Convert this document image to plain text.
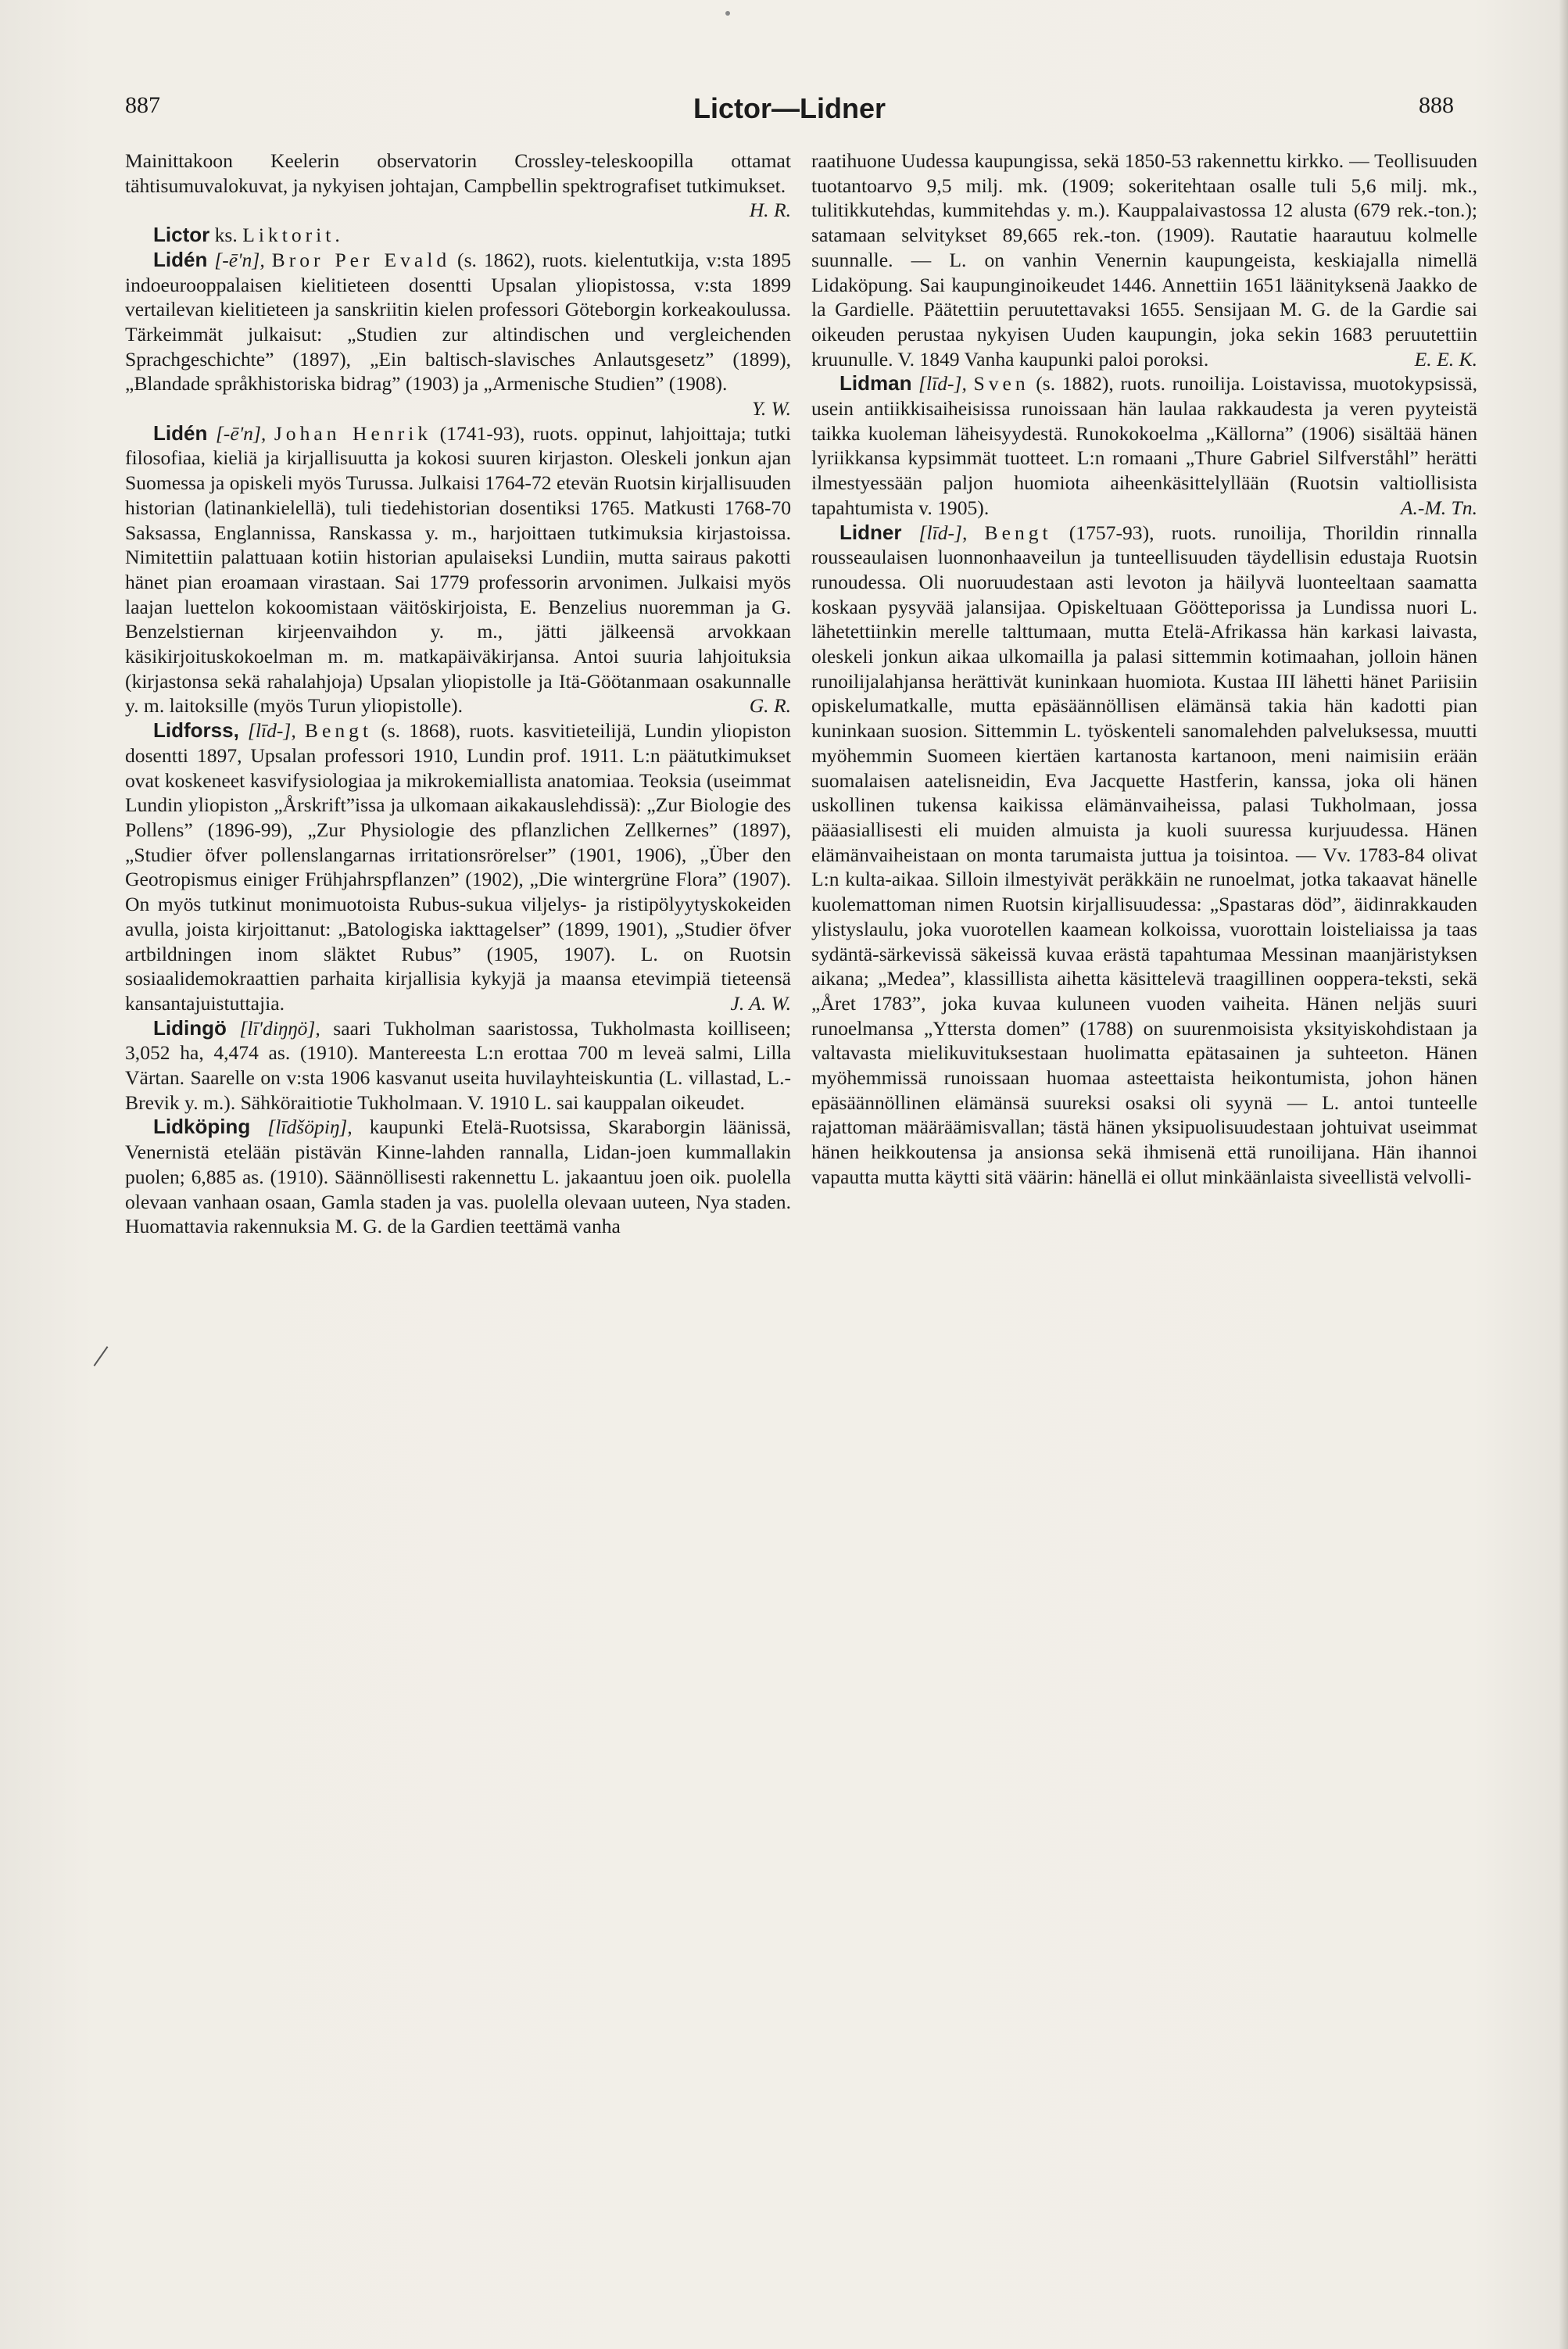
887	Lictor—Lidner	888

Mainittakoon Keelerin observatorin Crossley-teleskoopilla ottamat tähtisumuvalokuvat, ja nykyisen johtajan, Campbellin spektrografiset tutkimukset.
H. R.

Lictor ks. Liktorit.

Lidén [-ē'n], Bror Per Evald (s. 1862), ruots. kielentutkija, v:sta 1895 indoeurooppalaisen kielitieteen dosentti Upsalan yliopistossa, v:sta 1899 vertailevan kielitieteen ja sanskriitin kielen professori Göteborgin korkeakoulussa. Tärkeimmät julkaisut: „Studien zur altindischen und vergleichenden Sprachgeschichte” (1897), „Ein baltisch-slavisches Anlautsgesetz” (1899), „Blandade språkhistoriska bidrag” (1903) ja „Armenische Studien” (1908).
Y. W.

Lidén [-ē'n], Johan Henrik (1741-93), ruots. oppinut, lahjoittaja; tutki filosofiaa, kieliä ja kirjallisuutta ja kokosi suuren kirjaston. Oleskeli jonkun ajan Suomessa ja opiskeli myös Turussa. Julkaisi 1764-72 etevän Ruotsin kirjallisuuden historian (latinankielellä), tuli tiedehistorian dosentiksi 1765. Matkusti 1768-70 Saksassa, Englannissa, Ranskassa y. m., harjoittaen tutkimuksia kirjastoissa. Nimitettiin palattuaan kotiin historian apulaiseksi Lundiin, mutta sairaus pakotti hänet pian eroamaan virastaan. Sai 1779 professorin arvonimen. Julkaisi myös laajan luettelon kokoomistaan väitöskirjoista, E. Benzelius nuoremman ja G. Benzelstiernan kirjeenvaihdon y. m., jätti jälkeensä arvokkaan käsikirjoituskokoelman m. m. matkapäiväkirjansa. Antoi suuria lahjoituksia (kirjastonsa sekä rahalahjoja) Upsalan yliopistolle ja Itä-Göötanmaan osakunnalle y. m. laitoksille (myös Turun yliopistolle).	G. R.

Lidforss, [līd-], Bengt (s. 1868), ruots. kasvitieteilijä, Lundin yliopiston dosentti 1897, Upsalan professori 1910, Lundin prof. 1911. L:n päätutkimukset ovat koskeneet kasvifysiologiaa ja mikrokemiallista anatomiaa. Teoksia (useimmat Lundin yliopiston „Årskrift”issa ja ulkomaan aikakauslehdissä): „Zur Biologie des Pollens” (1896-99), „Zur Physiologie des pflanzlichen Zellkernes” (1897), „Studier öfver pollenslangarnas irritationsrörelser” (1901, 1906), „Über den Geotropismus einiger Frühjahrspflanzen” (1902), „Die wintergrüne Flora” (1907). On myös tutkinut monimuotoista Rubus-sukua viljelys- ja ristipölyytyskokeiden avulla, joista kirjoittanut: „Batologiska iakttagelser” (1899, 1901), „Studier öfver artbildningen inom släktet Rubus” (1905, 1907). L. on Ruotsin sosiaalidemokraattien parhaita kirjallisia kykyjä ja maansa etevimpiä tieteensä kansantajuistuttajia.	J. A. W.

Lidingö [lī'diŋŋö], saari Tukholman saaristossa, Tukholmasta koilliseen; 3,052 ha, 4,474 as. (1910). Mantereesta L:n erottaa 700 m leveä salmi, Lilla Värtan. Saarelle on v:sta 1906 kasvanut useita huvilayhteiskuntia (L. villastad, L.-Brevik y. m.). Sähköraitiotie Tukholmaan. V. 1910 L. sai kauppalan oikeudet.

Lidköping [līdšöpiŋ], kaupunki Etelä-Ruotsissa, Skaraborgin läänissä, Venernistä etelään pistävän Kinne-lahden rannalla, Lidan-joen kummallakin puolen; 6,885 as. (1910). Säännöllisesti rakennettu L. jakaantuu joen oik. puolella olevaan vanhaan osaan, Gamla staden ja vas. puolella olevaan uuteen, Nya staden. Huomattavia rakennuksia M. G. de la Gardien teettämä vanha

raatihuone Uudessa kaupungissa, sekä 1850-53 rakennettu kirkko. — Teollisuuden tuotantoarvo 9,5 milj. mk. (1909; sokeritehtaan osalle tuli 5,6 milj. mk., tulitikkutehdas, kummitehdas y. m.). Kauppalaivastossa 12 alusta (679 rek.-ton.); satamaan selvitykset 89,665 rek.-ton. (1909). Rautatie haarautuu kolmelle suunnalle. — L. on vanhin Venernin kaupungeista, keskiajalla nimellä Lidaköpung. Sai kaupunginoikeudet 1446. Annettiin 1651 läänityksenä Jaakko de la Gardielle. Päätettiin peruutettavaksi 1655. Sensijaan M. G. de la Gardie sai oikeuden perustaa nykyisen Uuden kaupungin, joka sekin 1683 peruutettiin kruunulle. V. 1849 Vanha kaupunki paloi poroksi.	E. E. K.

Lidman [līd-], Sven (s. 1882), ruots. runoilija. Loistavissa, muotokypsissä, usein antiikkisaiheisissa runoissaan hän laulaa rakkaudesta ja veren pyyteistä taikka kuoleman läheisyydestä. Runokokoelma „Källorna” (1906) sisältää hänen lyriikkansa kypsimmät tuotteet. L:n romaani „Thure Gabriel Silfverståhl” herätti ilmestyessään paljon huomiota aiheenkäsittelyllään (Ruotsin valtiollisista tapahtumista v. 1905).	A.-M. Tn.

Lidner [līd-], Bengt (1757-93), ruots. runoilija, Thorildin rinnalla rousseaulaisen luonnonhaaveilun ja tunteellisuuden täydellisin edustaja Ruotsin runoudessa. Oli nuoruudestaan asti levoton ja häilyvä luonteeltaan saamatta koskaan pysyvää jalansijaa. Opiskeltuaan Göötteporissa ja Lundissa nuori L. lähetettiinkin merelle talttumaan, mutta Etelä-Afrikassa hän karkasi laivasta, oleskeli jonkun aikaa ulkomailla ja palasi sittemmin kotimaahan, jolloin hänen runoilijalahjansa herättivät kuninkaan huomiota. Kustaa III lähetti hänet Pariisiin opiskelumatkalle, mutta epäsäännöllisen elämänsä takia hän kadotti pian kuninkaan suosion. Sittemmin L. työskenteli sanomalehden palveluksessa, muutti myöhemmin Suomeen kiertäen kartanosta kartanoon, meni naimisiin erään suomalaisen aatelisneidin, Eva Jacquette Hastferin, kanssa, joka oli hänen uskollinen tukensa kaikissa elämänvaiheissa, palasi Tukholmaan, jossa pääasiallisesti eli muiden almuista ja kuoli suuressa kurjuudessa. Hänen elämänvaiheistaan on monta tarumaista juttua ja toisintoa. — Vv. 1783-84 olivat L:n kulta-aikaa. Silloin ilmestyivät peräkkäin ne runoelmat, jotka takaavat hänelle kuolemattoman nimen Ruotsin kirjallisuudessa: „Spastaras död”, äidinrakkauden ylistyslaulu, joka vuorotellen kaamean kolkoissa, vuorottain loisteliaissa ja taas sydäntä-särkevissä säkeissä kuvaa erästä tapahtumaa Messinan maanjäristyksen aikana; „Medea”, klassillista aihetta käsittelevä traagillinen ooppera-teksti, sekä „Året 1783”, joka kuvaa kuluneen vuoden vaiheita. Hänen neljäs suuri runoelmansa „Yttersta domen” (1788) on suurenmoisista yksityiskohdistaan ja valtavasta mielikuvituksestaan huolimatta epätasainen ja suhteeton. Hänen myöhemmissä runoissaan huomaa asteettaista heikontumista, johon hänen epäsäännöllinen elämänsä suureksi osaksi oli syynä — L. antoi tunteelle rajattoman määräämisvallan; tästä hänen yksipuolisuudestaan johtuivat useimmat hänen heikkoutensa ja ansionsa sekä ihmisenä että runoilijana. Hän ihannoi vapautta mutta käytti sitä väärin: hänellä ei ollut minkäänlaista siveellistä velvolli-
